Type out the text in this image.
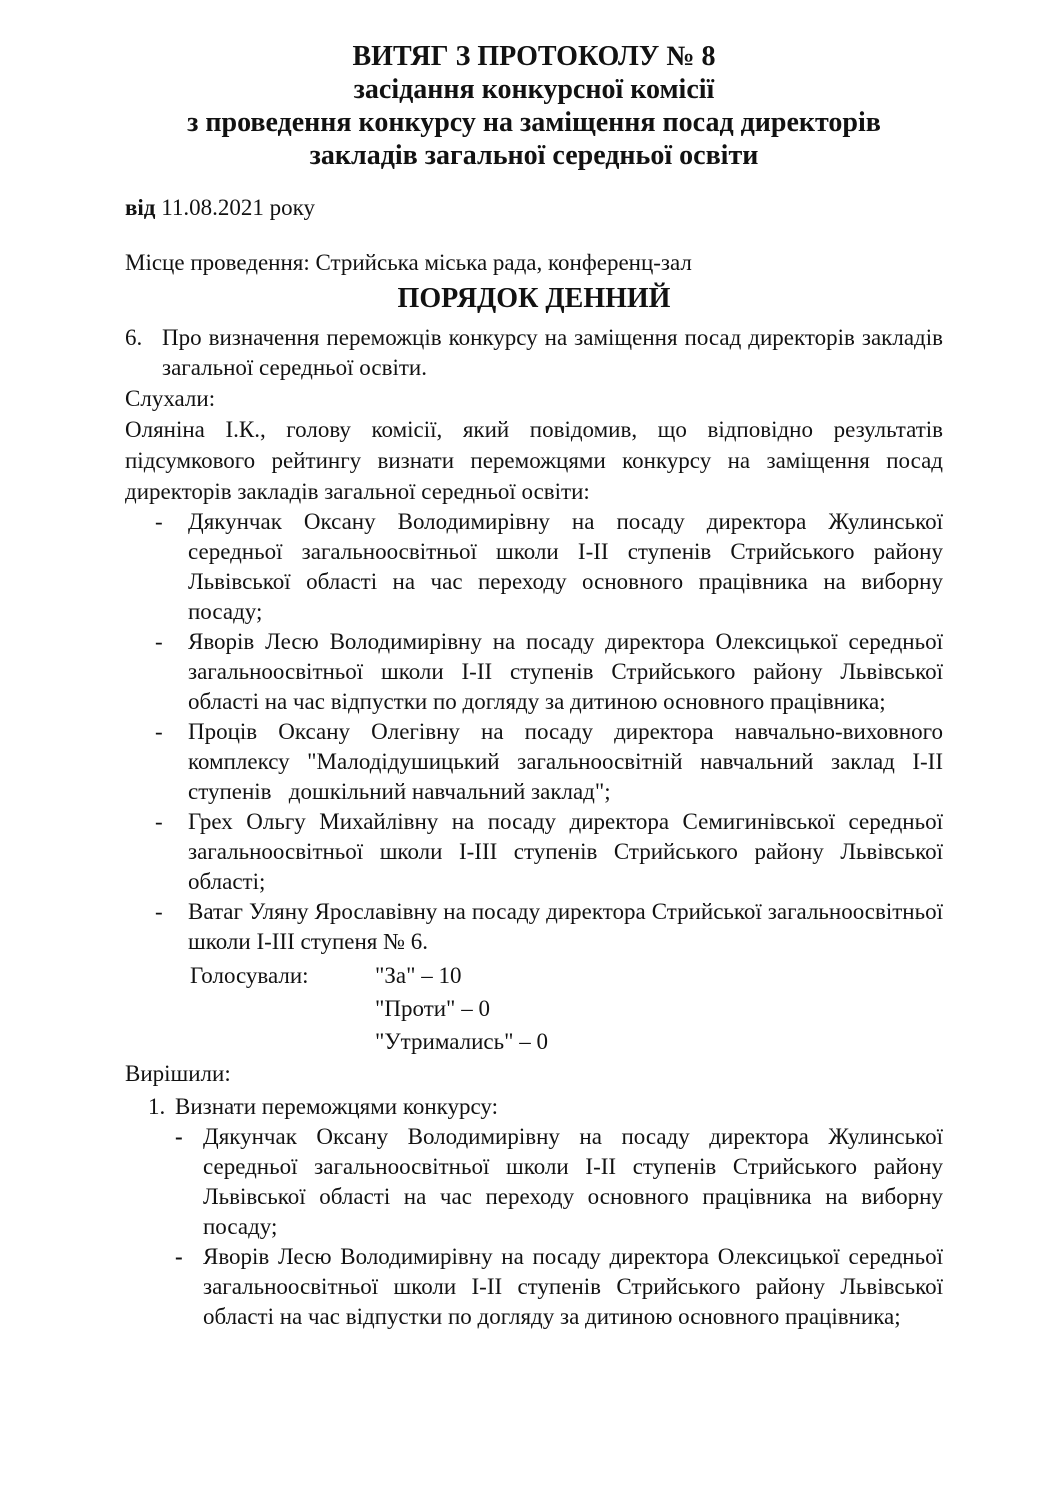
ВИТЯГ З ПРОТОКОЛУ № 8
засідання конкурсної комісії
з проведення конкурсу на заміщення посад директорів
закладів загальної середньої освіти

від 11.08.2021 року

Місце проведення: Стрийська міська рада, конференц-зал

ПОРЯДОК ДЕННИЙ
6. Про визначення переможців конкурсу на заміщення посад директорів закладів загальної середньої освіти.

Слухали:

Оляніна І.К., голову комісії, який повідомив, що відповідно результатів підсумкового рейтингу визнати переможцями конкурсу на заміщення посад директорів закладів загальної середньої освіти:

- Дякунчак Оксану Володимирівну на посаду директора Жулинської середньої загальноосвітньої школи І-ІІ ступенів Стрийського району Львівської області на час переходу основного працівника на виборну посаду;
- Яворів Лесю Володимирівну на посаду директора Олексицької середньої загальноосвітньої школи І-ІІ ступенів Стрийського району Львівської області на час відпустки по догляду за дитиною основного працівника;
- Проців Оксану Олегівну на посаду директора навчально-виховного комплексу "Малодідушицький загальноосвітній навчальний заклад І-ІІ ступенів   дошкільний навчальний заклад";
- Грех Ольгу Михайлівну на посаду директора Семигинівської середньої загальноосвітньої школи І-ІІІ ступенів Стрийського району Львівської області;
- Ватаг Уляну Ярославівну на посаду директора Стрийської загальноосвітньої школи І-ІІІ ступеня № 6.
Голосували:	"За" – 10
"Проти" – 0
"Утримались" – 0

Вирішили:

1. Визнати переможцями конкурсу:
- Дякунчак Оксану Володимирівну на посаду директора Жулинської середньої загальноосвітньої школи І-ІІ ступенів Стрийського району Львівської області на час переходу основного працівника на виборну посаду;
- Яворів Лесю Володимирівну на посаду директора Олексицької середньої загальноосвітньої школи І-ІІ ступенів Стрийського району Львівської області на час відпустки по догляду за дитиною основного працівника;
